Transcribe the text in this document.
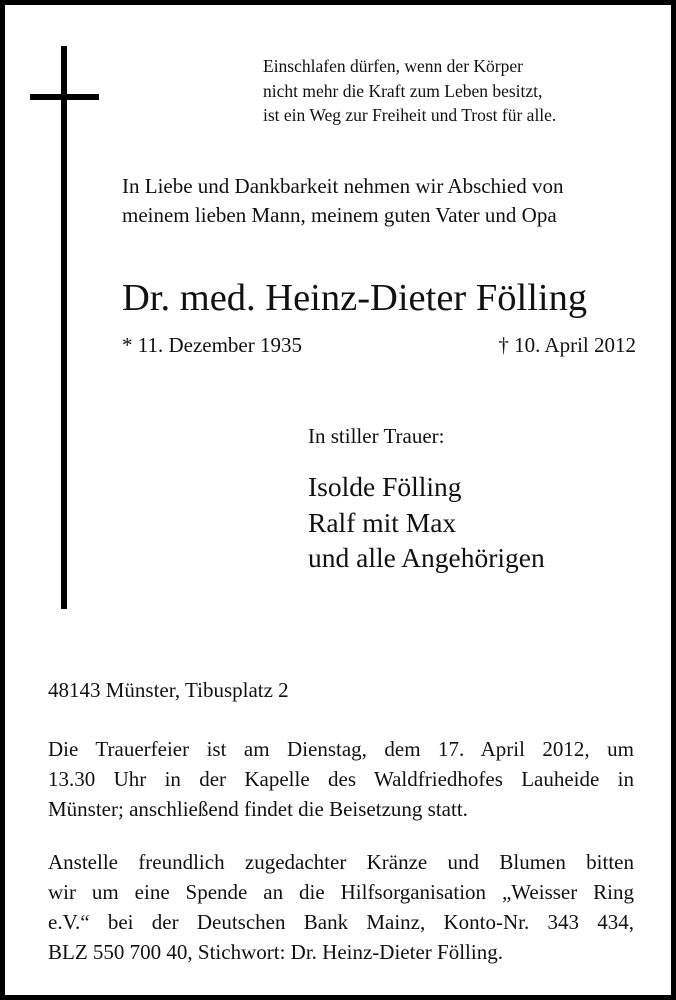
Einschlafen dürfen, wenn der Körper
nicht mehr die Kraft zum Leben besitzt,
ist ein Weg zur Freiheit und Trost für alle.
In Liebe und Dankbarkeit nehmen wir Abschied von
meinem lieben Mann, meinem guten Vater und Opa
Dr. med. Heinz-Dieter Fölling
* 11. Dezember 1935	† 10. April 2012
In stiller Trauer:
Isolde Fölling
Ralf mit Max
und alle Angehörigen
48143 Münster, Tibusplatz 2
Die Trauerfeier ist am Dienstag, dem 17. April 2012, um
13.30 Uhr in der Kapelle des Waldfriedhofes Lauheide in
Münster; anschließend findet die Beisetzung statt.
Anstelle freundlich zugedachter Kränze und Blumen bitten
wir um eine Spende an die Hilfsorganisation „Weisser Ring
e.V.“ bei der Deutschen Bank Mainz, Konto-Nr. 343 434,
BLZ 550 700 40, Stichwort: Dr. Heinz-Dieter Fölling.
